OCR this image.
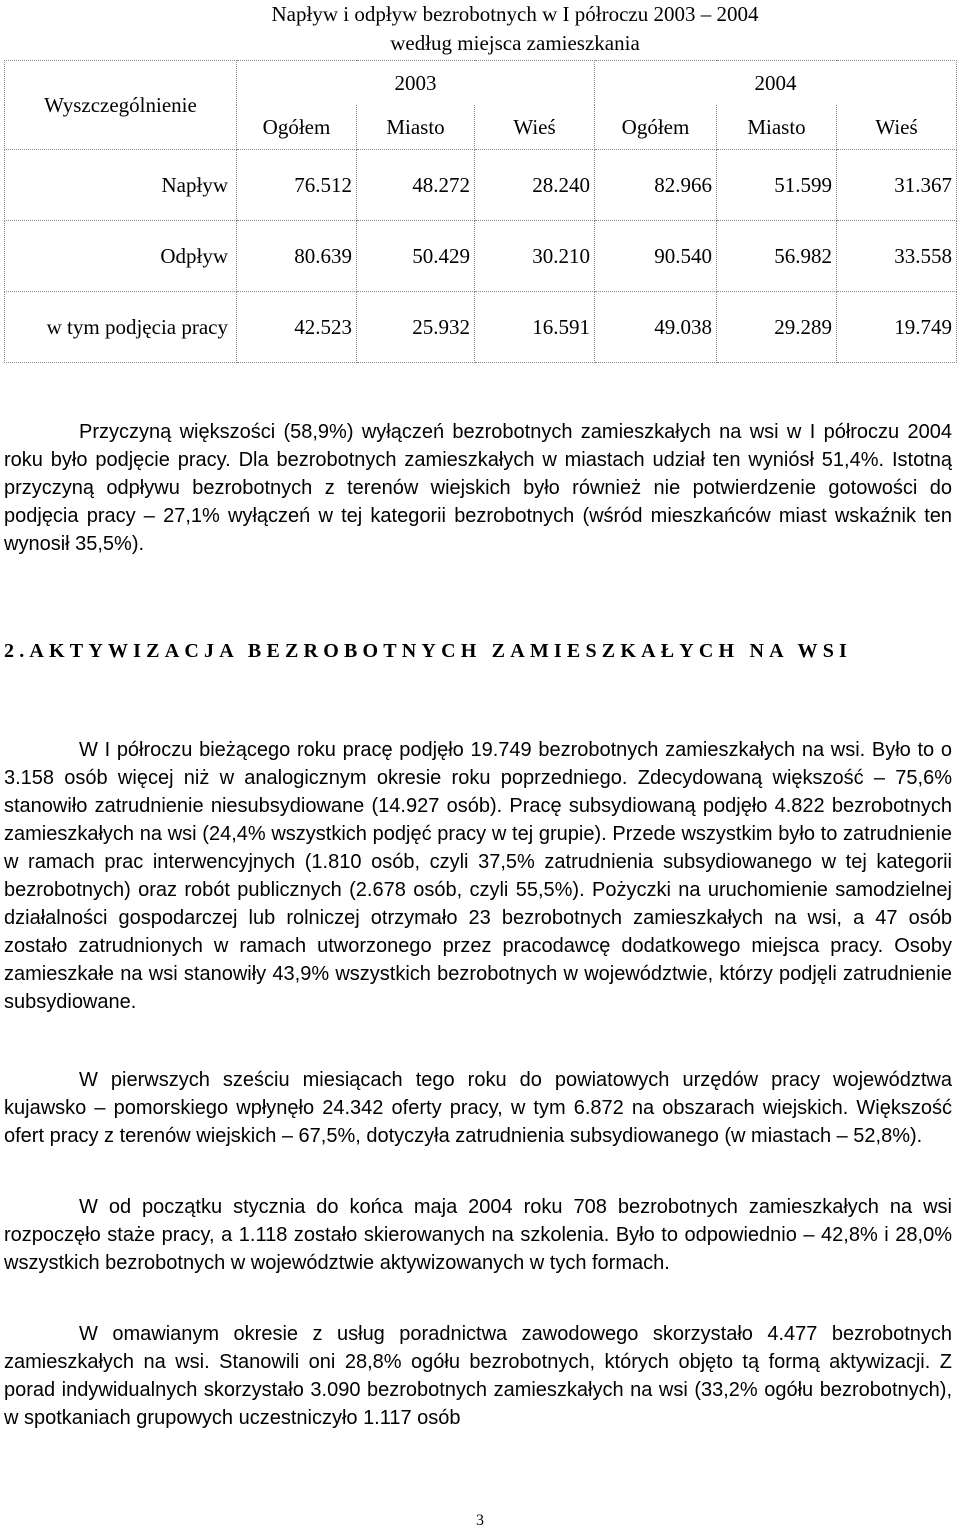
Napływ i odpływ bezrobotnych w I półroczu 2003 – 2004
według miejsca zamieszkania
Wyszczególnienie	2003			2004		
	Ogółem	Miasto	Wieś	Ogółem	Miasto	Wieś
Napływ	76.512	48.272	28.240	82.966	51.599	31.367
Odpływ	80.639	50.429	30.210	90.540	56.982	33.558
w tym podjęcia pracy	42.523	25.932	16.591	49.038	29.289	19.749

Przyczyną większości (58,9%) wyłączeń bezrobotnych zamieszkałych na wsi w I półroczu 2004 roku było podjęcie pracy. Dla bezrobotnych zamieszkałych w miastach udział ten wyniósł 51,4%. Istotną przyczyną odpływu bezrobotnych z terenów wiejskich było również nie potwierdzenie gotowości do podjęcia pracy – 27,1% wyłączeń w tej kategorii bezrobotnych (wśród mieszkańców miast wskaźnik ten wynosił 35,5%).

2.AKTYWIZACJA BEZROBOTNYCH ZAMIESZKAŁYCH NA WSI

W I półroczu bieżącego roku pracę podjęło 19.749 bezrobotnych zamieszkałych na wsi. Było to o 3.158 osób więcej niż w analogicznym okresie roku poprzedniego. Zdecydowaną większość – 75,6% stanowiło zatrudnienie niesubsydiowane (14.927 osób). Pracę subsydiowaną podjęło 4.822 bezrobotnych zamieszkałych na wsi (24,4% wszystkich podjęć pracy w tej grupie). Przede wszystkim było to zatrudnienie w ramach prac interwencyjnych (1.810 osób, czyli 37,5% zatrudnienia subsydiowanego w tej kategorii bezrobotnych) oraz robót publicznych (2.678 osób, czyli 55,5%). Pożyczki na uruchomienie samodzielnej działalności gospodarczej lub rolniczej otrzymało 23 bezrobotnych zamieszkałych na wsi, a 47 osób zostało zatrudnionych w ramach utworzonego przez pracodawcę dodatkowego miejsca pracy. Osoby zamieszkałe na wsi stanowiły 43,9% wszystkich bezrobotnych w województwie, którzy podjęli zatrudnienie subsydiowane.

W pierwszych sześciu miesiącach tego roku do powiatowych urzędów pracy województwa kujawsko – pomorskiego wpłynęło 24.342 oferty pracy, w tym 6.872 na obszarach wiejskich. Większość ofert pracy z terenów wiejskich – 67,5%, dotyczyła zatrudnienia subsydiowanego (w miastach – 52,8%).

W od początku stycznia do końca maja 2004 roku 708 bezrobotnych zamieszkałych na wsi rozpoczęło staże pracy, a 1.118 zostało skierowanych na szkolenia. Było to odpowiednio – 42,8% i 28,0% wszystkich bezrobotnych w województwie aktywizowanych w tych formach.

W omawianym okresie z usług poradnictwa zawodowego skorzystało 4.477 bezrobotnych zamieszkałych na wsi. Stanowili oni 28,8% ogółu bezrobotnych, których objęto tą formą aktywizacji. Z porad indywidualnych skorzystało 3.090 bezrobotnych zamieszkałych na wsi (33,2% ogółu bezrobotnych), w spotkaniach grupowych uczestniczyło 1.117 osób

3
